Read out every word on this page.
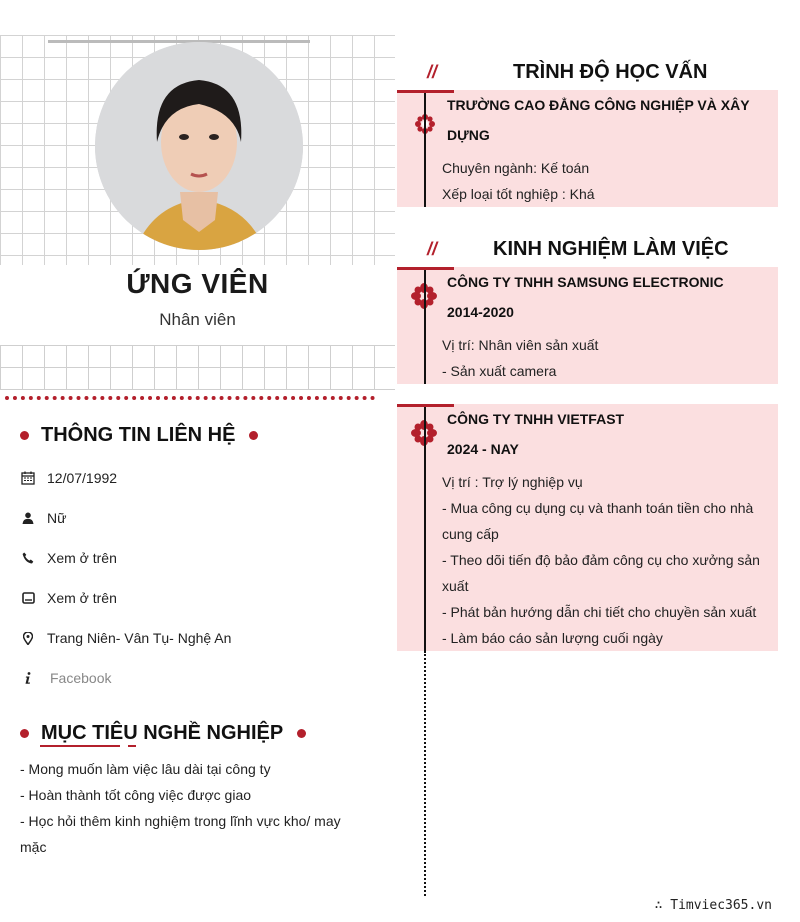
ỨNG VIÊN
Nhân viên
THÔNG TIN LIÊN HỆ
12/07/1992
Nữ
Xem ở trên
Xem ở trên
Trang Niên- Vân Tụ- Nghệ An
Facebook
MỤC TIÊU NGHỀ NGHIỆP
- Mong muốn làm việc lâu dài tại công ty
- Hoàn thành tốt công việc được giao
- Học hỏi thêm kinh nghiệm trong lĩnh vực kho/ may mặc
//	TRÌNH ĐỘ HỌC VẤN
TRƯỜNG CAO ĐẲNG CÔNG NGHIỆP VÀ XÂY
DỰNG
Chuyên ngành: Kế toán
Xếp loại tốt nghiệp : Khá
//	KINH NGHIỆM LÀM VIỆC
CÔNG TY TNHH SAMSUNG ELECTRONIC
2014-2020
Vị trí: Nhân viên sản xuất
- Sản xuất camera
CÔNG TY TNHH VIETFAST
2024 - NAY
Vị trí : Trợ lý nghiệp vụ
- Mua công cụ dụng cụ và thanh toán tiền cho nhà cung cấp
- Theo dõi tiến độ bảo đảm công cụ cho xưởng sản xuất
- Phát bản hướng dẫn chi tiết cho chuyền sản xuất
- Làm báo cáo sản lượng cuối ngày
∴ Timviec365.vn
